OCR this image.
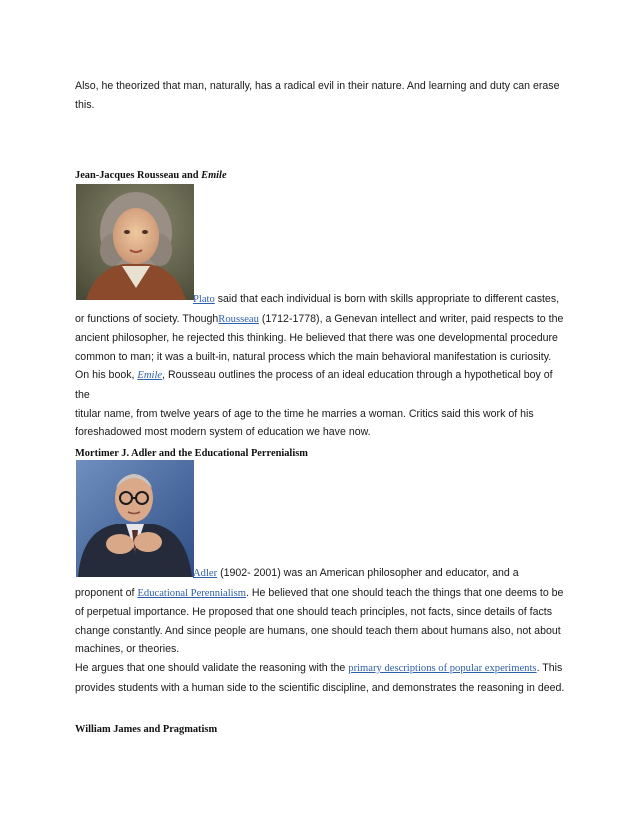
Also, he theorized that man, naturally, has a radical evil in their nature. And learning and duty can erase
this.

Jean-Jacques Rousseau and Emile

Plato said that each individual is born with skills appropriate to different castes,
or functions of society. ThoughRousseau (1712-1778), a Genevan intellect and writer, paid respects to the
ancient philosopher, he rejected this thinking. He believed that there was one developmental procedure
common to man; it was a built-in, natural process which the main behavioral manifestation is curiosity.
On his book, Emile, Rousseau outlines the process of an ideal education through a hypothetical boy of the
titular name, from twelve years of age to the time he marries a woman. Critics said this work of his
foreshadowed most modern system of education we have now.

Mortimer J. Adler and the Educational Perrenialism

Adler (1902- 2001) was an American philosopher and educator, and a
proponent of Educational Perennialism. He believed that one should teach the things that one deems to be
of perpetual importance. He proposed that one should teach principles, not facts, since details of facts
change constantly. And since people are humans, one should teach them about humans also, not about
machines, or theories.
He argues that one should validate the reasoning with the primary descriptions of popular experiments. This
provides students with a human side to the scientific discipline, and demonstrates the reasoning in deed.

William James and Pragmatism
